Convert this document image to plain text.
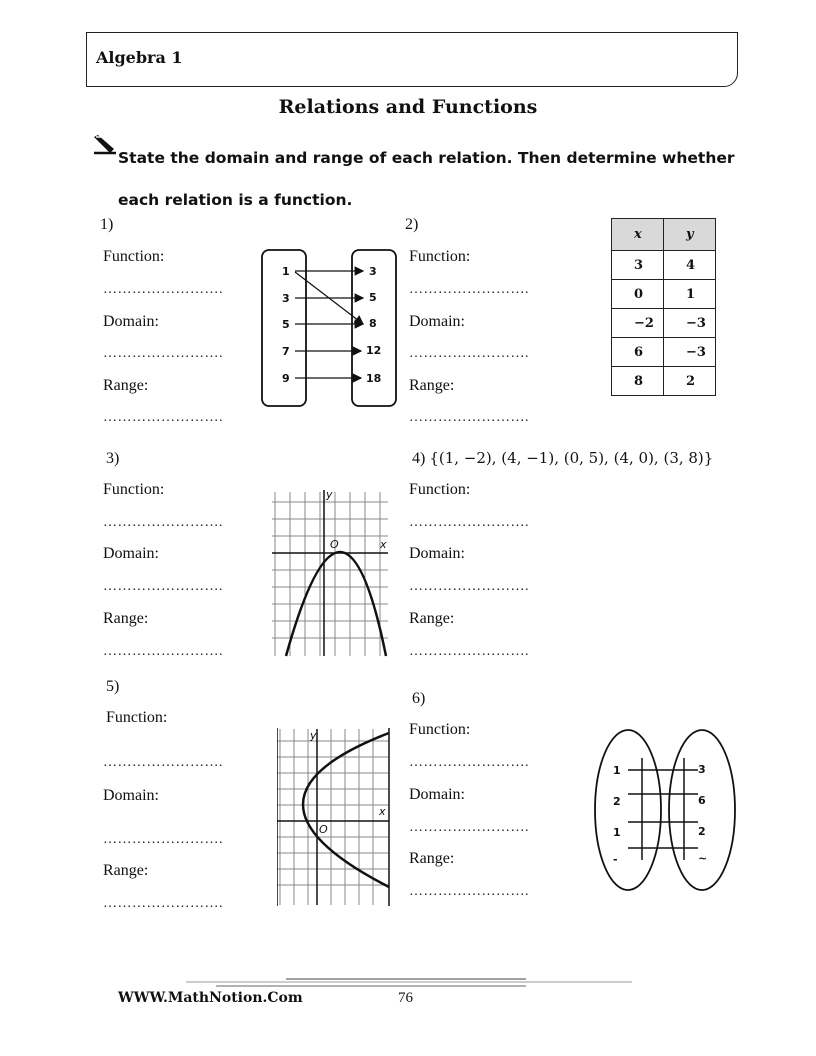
Algebra 1
Relations and Functions
State the domain and range of each relation. Then determine whether each relation is a function.
1)
Function:
…………………….
Domain:
…………………….
Range:
…………………….
1
3
5
7
9
3
5
8
12
18
2)
Function:
…………………….
Domain:
…………………….
Range:
…………………….
x	y
3	4
0	1
−2	−3
6	−3
8	2
3)
Function:
…………………….
Domain:
…………………….
Range:
…………………….
y
x
O
4) {(1, −2), (4, −1), (0, 5), (4, 0), (3, 8)}
Function:
…………………….
Domain:
…………………….
Range:
…………………….
5)
Function:
…………………….
Domain:
…………………….
Range:
…………………….
y
x
O
6)
Function:
…………………….
Domain:
…………………….
Range:
…………………….
1
2
1
-
3
6
2
~
WWW.MathNotion.Com	76
